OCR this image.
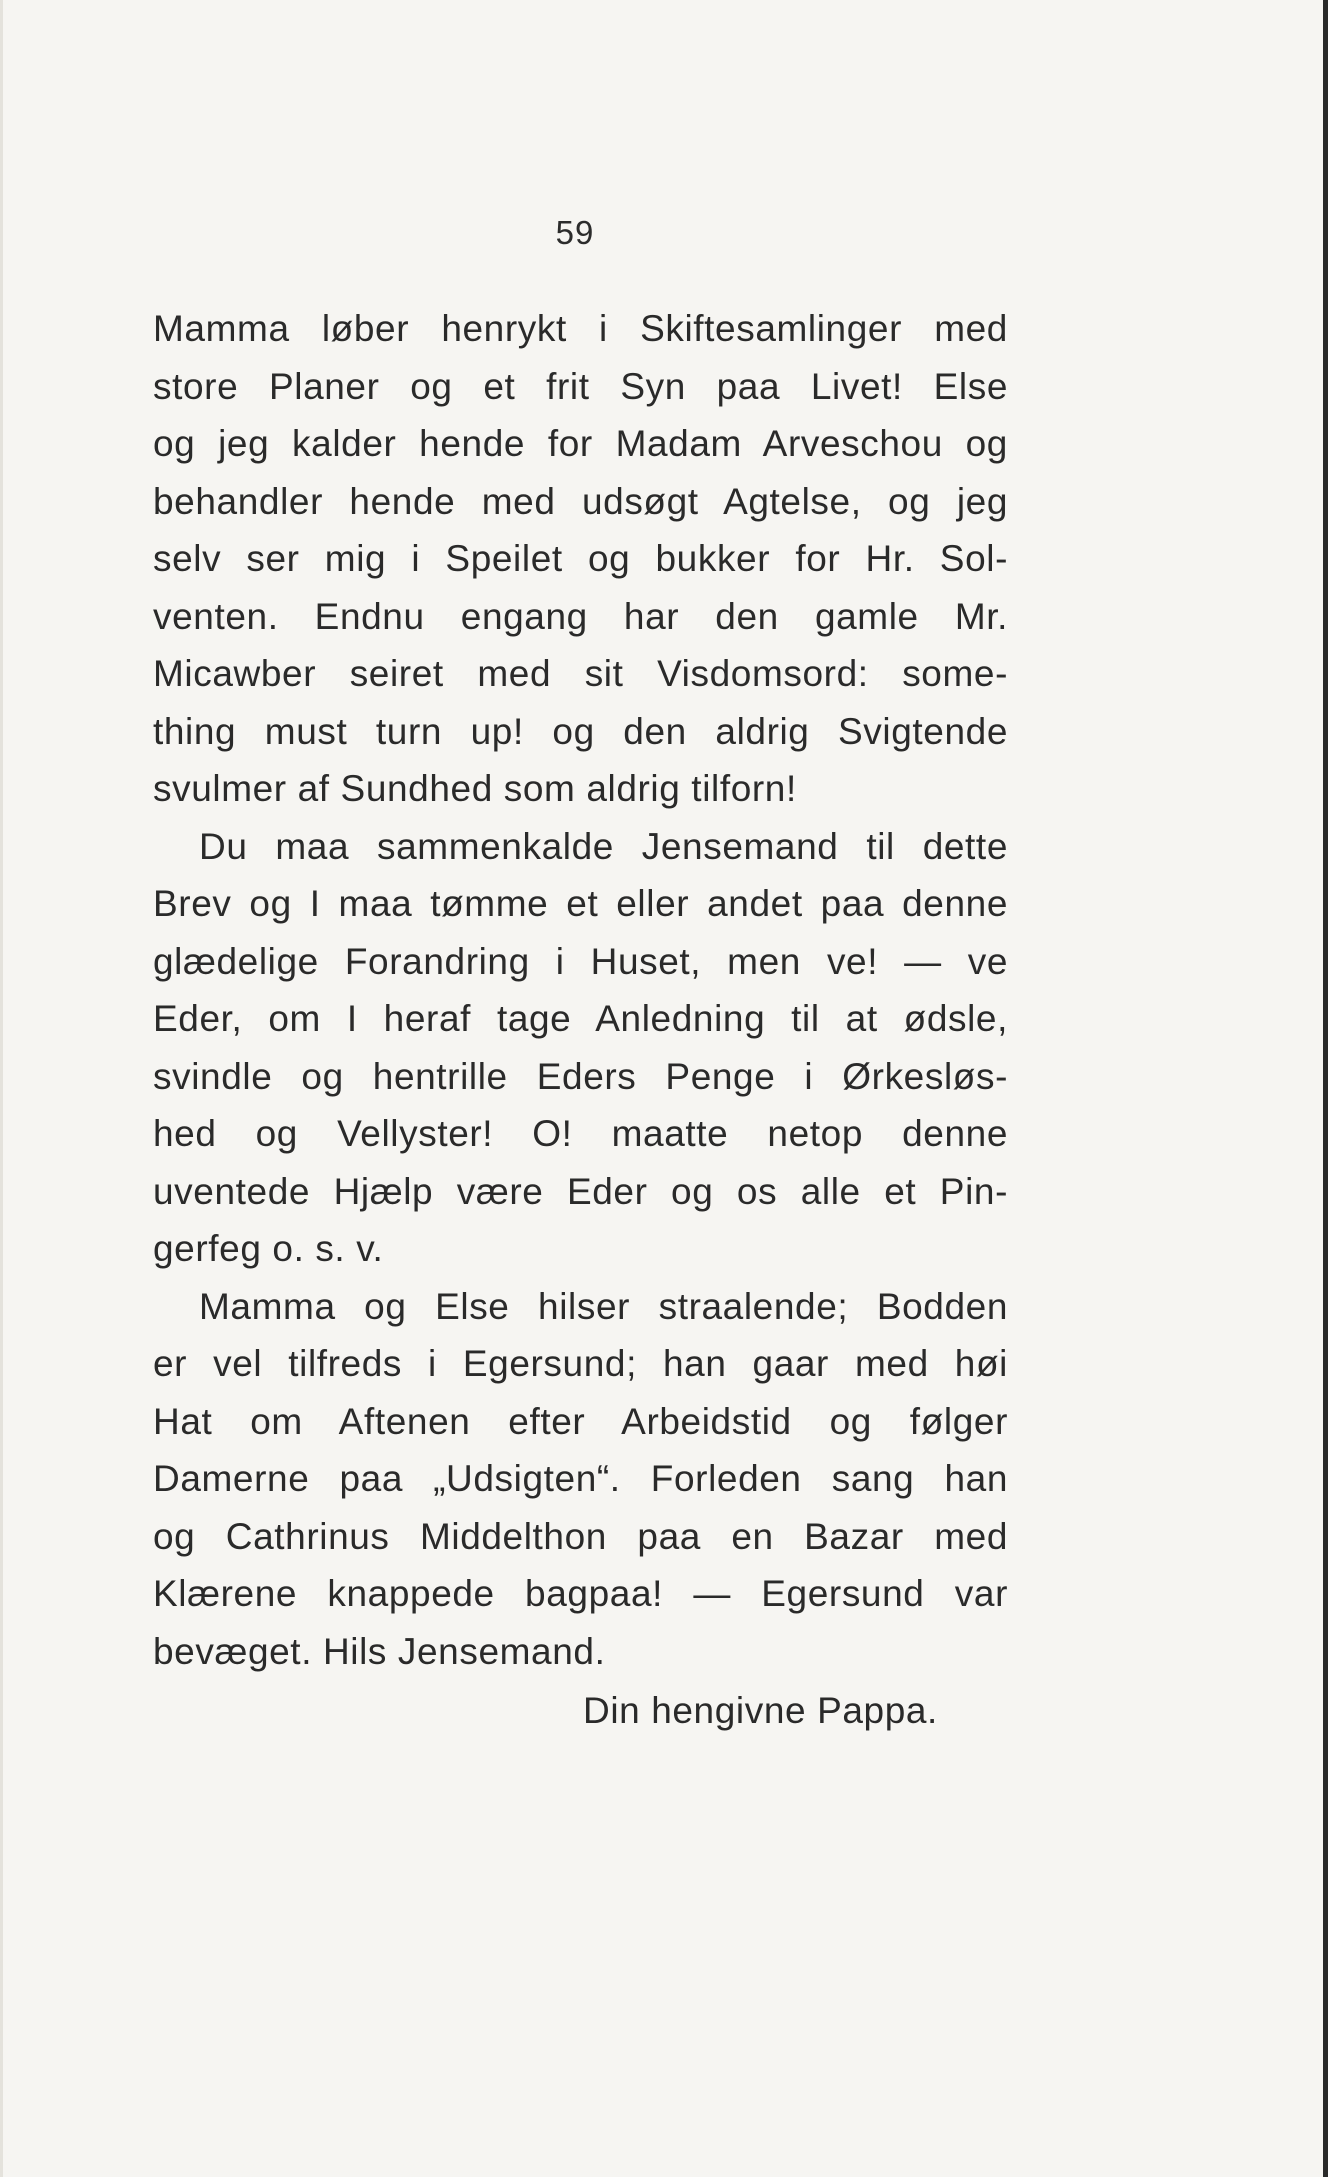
59
Mamma løber henrykt i Skiftesamlinger med
store Planer og et frit Syn paa Livet! Else
og jeg kalder hende for Madam Arveschou og
behandler hende med udsøgt Agtelse, og jeg
selv ser mig i Speilet og bukker for Hr. Sol-
venten. Endnu engang har den gamle Mr.
Micawber seiret med sit Visdomsord: some-
thing must turn up! og den aldrig Svigtende
svulmer af Sundhed som aldrig tilforn!
Du maa sammenkalde Jensemand til dette
Brev og I maa tømme et eller andet paa denne
glædelige Forandring i Huset, men ve! — ve
Eder, om I heraf tage Anledning til at ødsle,
svindle og hentrille Eders Penge i Ørkesløs-
hed og Vellyster! O! maatte netop denne
uventede Hjælp være Eder og os alle et Pin-
gerfeg o. s. v.
Mamma og Else hilser straalende; Bodden
er vel tilfreds i Egersund; han gaar med høi
Hat om Aftenen efter Arbeidstid og følger
Damerne paa „Udsigten“. Forleden sang han
og Cathrinus Middelthon paa en Bazar med
Klærene knappede bagpaa! — Egersund var
bevæget. Hils Jensemand.
Din hengivne Pappa.
